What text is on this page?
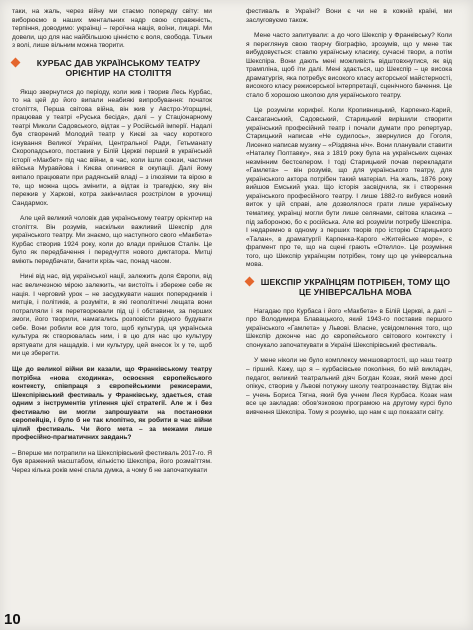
таки, на жаль, через війну ми стаємо попереду світу: ми виборюємо в наших ментальних надр свою справжність, терпіння, доводимо: українці – героїчна нація, воїни, лицарі. Ми довели, що для нас найбільшою цінністю є воля, свобода. Тільки з волі, лише вільним можна творити.

КУРБАС ДАВ УКРАЇНСЬКОМУ ТЕАТРУ ОРІЄНТИР НА СТОЛІТТЯ

Якщо звернутися до періоду, коли жив і творив Лесь Курбас, то на цей до його випали неабиякі випробування: початок століття, Перша світова війна, він жив у Австро-Угорщині, працював у театрі «Руська бесіда», далі – у Стаціонарному театрі Миколи Садовського, відтак – у Російській імперії. Надалі був створений Молодий театр у Києві за часу короткого існування Великої України, Центральної Ради, Гетьманату Скоропадського, поставив у Білій Церкві перший в українській історії «Макбет» під час війни, в час, коли ішли союзи, частини війська Муравйова і Києва опинився в окупації. Далі йому випало працювати при радянській владі – з ілюзіями та вірою в те, що можна щось змінити, а відтак із трагедією, яку він пережив у Харкові, котра закінчилася розстрілом в урочищі Сандармох.

Але цей великий чоловік дав українському театру орієнтир на століття. Він розумів, наскільки важливий Шекспір для українського театру. Ми знаємо, що наступного свого «Макбета» Курбас створив 1924 року, коли до влади прийшов Сталін. Це було як передбачення і передчуття нового диктатора. Митці вміють передбачати, бачити крізь час, понад часом.

Нині від нас, від української нації, залежить доля Європи, від нас величезною мірою залежить, чи вистоїть і збереже себе як нація. І черговий урок – не засуджувати наших попередників і митців, і політиків, а розуміти, в які геополітичні лещата вони потрапляли і як перетворювали під ці і обставини, за перших змоги, його творили, намагались розповісти рідного будувати себе. Вони робили все для того, щоб культура, ця українська культура як створювалась ним, і в цю для нас цю культуру врятувати для нащадків. і ми культуру, цей внесок їх у те, щоб ми це зберегти.

Ще до великої війни ви казали, що Франківському театру потрібна «нова сходинка», освоєння європейського контексту, співпраця з європейськими режисерами, Шекспірівський фестиваль у Франківську, здається, став одним з інструментів утілення цієї стратегії. Але ж і без фестивалю ви могли запрошувати на постановки європейців, і було б не так клопітно, як робити в час війни цілий фестиваль. Чи його мета – за межами лише професійно-прагматичних завдань?

– Вперше ми потрапили на Шекспірівський фестиваль 2017-го. Я був вражений масштабом, кількістю Шекспіра, його розмаїттям. Через кілька років мені спала думка, а чому б не започаткувати

фестиваль в Україні? Вони є чи не в кожній країні, ми заслуговуємо також.

Мене часто запитували: а до чого Шекспір у Франківську? Коли я переглянув свою творчу біографію, зрозумів, що у мене так вибудовується: ставлю українську класику, сучасні твори, а потім Шекспіра. Вони дають мені можливість відштовхнутися, як від трампліна, щоб іти далі. Мені здається, що Шекспір – це висока драматургія, яка потребує високого класу акторської майстерності, високого класу режисерської інтерпретації, сценічного бачення. Це стало б хорошою школою для українського театру.

Це розуміли корифеї. Коли Кропивницький, Карпенко-Карий, Саксаганський, Садовський, Старицький вирішили створити український професійний театр і почали думати про репертуар, Старицький написав «Не судилось», звернулися до Гоголя, Лисенко написав музику – «Різдвяна ніч». Вони планували ставити «Наталку Полтавку», яка з 1819 року була на українських сценах незмінним бестселером. І тоді Старицький почав перекладати «Гамлета» – він розумів, що для українського театру, для українського актора потрібен такий матеріал. На жаль, 1876 року вийшов Емський указ. Що історія засвідчила, як і створення українського професійного театру. І лише 1882-го вибувся новий виток у цій справі, але дозволялося грати лише українську тематику, українці могли бути лише селянами, світова класика – під забороною, бо є російська. Але всі розуміли потребу Шекспіра. І недаремно в одному з перших творів про історію Старицького «Талан», в драматургії Карпенка-Карого «Житейське море», є фрагмент про те, що на сцені грають «Отелло». Це розуміння того, що Шекспір українцям потрібен, тому що це універсальна мова.

ШЕКСПІР УКРАЇНЦЯМ ПОТРІБЕН, ТОМУ ЩО ЦЕ УНІВЕРСАЛЬНА МОВА

Нагадаю про Курбаса і його «Макбета» в Білій Церкві, а далі – про Володимира Блавацького, який 1943-го поставив першого українського «Гамлета» у Львові. Власне, усвідомлення того, що Шекспір доконче нас до європейського світового контексту і спонукало започаткувати в Україні Шекспірівський фестиваль.

У мене ніколи не було комплексу меншовартості, що наш театр – гірший. Кажу, що я – курбасівське покоління, бо мій викладач, педагог, великий театральний діяч Богдан Козак, який мене досі опікує, створив у Львові потужну школу театрознавству. Відтак він – учень Бориса Тягна, який був учнем Леся Курбаса. Козак нам все це закладав: обов'язковою програмою на другому курсі було вивчення Шекспіра. Тому я розумію, що нам є що показати світу.

10
